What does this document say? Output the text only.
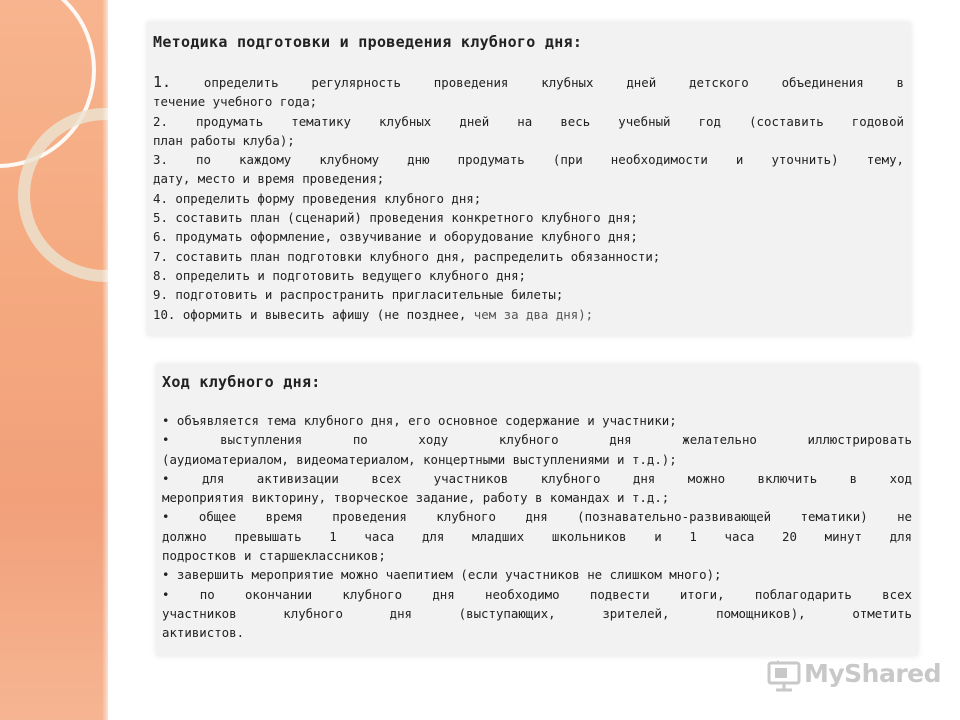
Методика подготовки и проведения клубного дня:

1. определить регулярность проведения клубных дней детского объединения в

течение учебного года;

2. продумать тематику клубных дней на весь учебный год (составить годовой

план работы клуба);

3. по каждому клубному дню продумать (при необходимости и уточнить) тему,

дату, место и время проведения;

4. определить форму проведения клубного дня;

5. составить план (сценарий) проведения конкретного клубного дня;

6. продумать оформление, озвучивание и оборудование клубного дня;

7. составить план подготовки клубного дня, распределить обязанности;

8. определить и подготовить ведущего клубного дня;

9. подготовить и распространить пригласительные билеты;

10. оформить и вывесить афишу (не позднее, чем за два дня);

Ход клубного дня:

• объявляется тема клубного дня, его основное содержание и участники;

• выступления по ходу клубного дня желательно иллюстрировать

(аудиоматериалом, видеоматериалом, концертными выступлениями и т.д.);

• для активизации всех участников клубного дня можно включить в ход

мероприятия викторину, творческое задание, работу в командах и т.д.;

• общее время проведения клубного дня (познавательно-развивающей тематики) не

должно превышать 1 часа для младших школьников и 1 часа 20 минут для

подростков и старшеклассников;

• завершить мероприятие можно чаепитием (если участников не слишком много);

• по окончании клубного дня необходимо подвести итоги, поблагодарить всех

участников клубного дня (выступающих, зрителей, помощников), отметить

активистов.

MyShared
